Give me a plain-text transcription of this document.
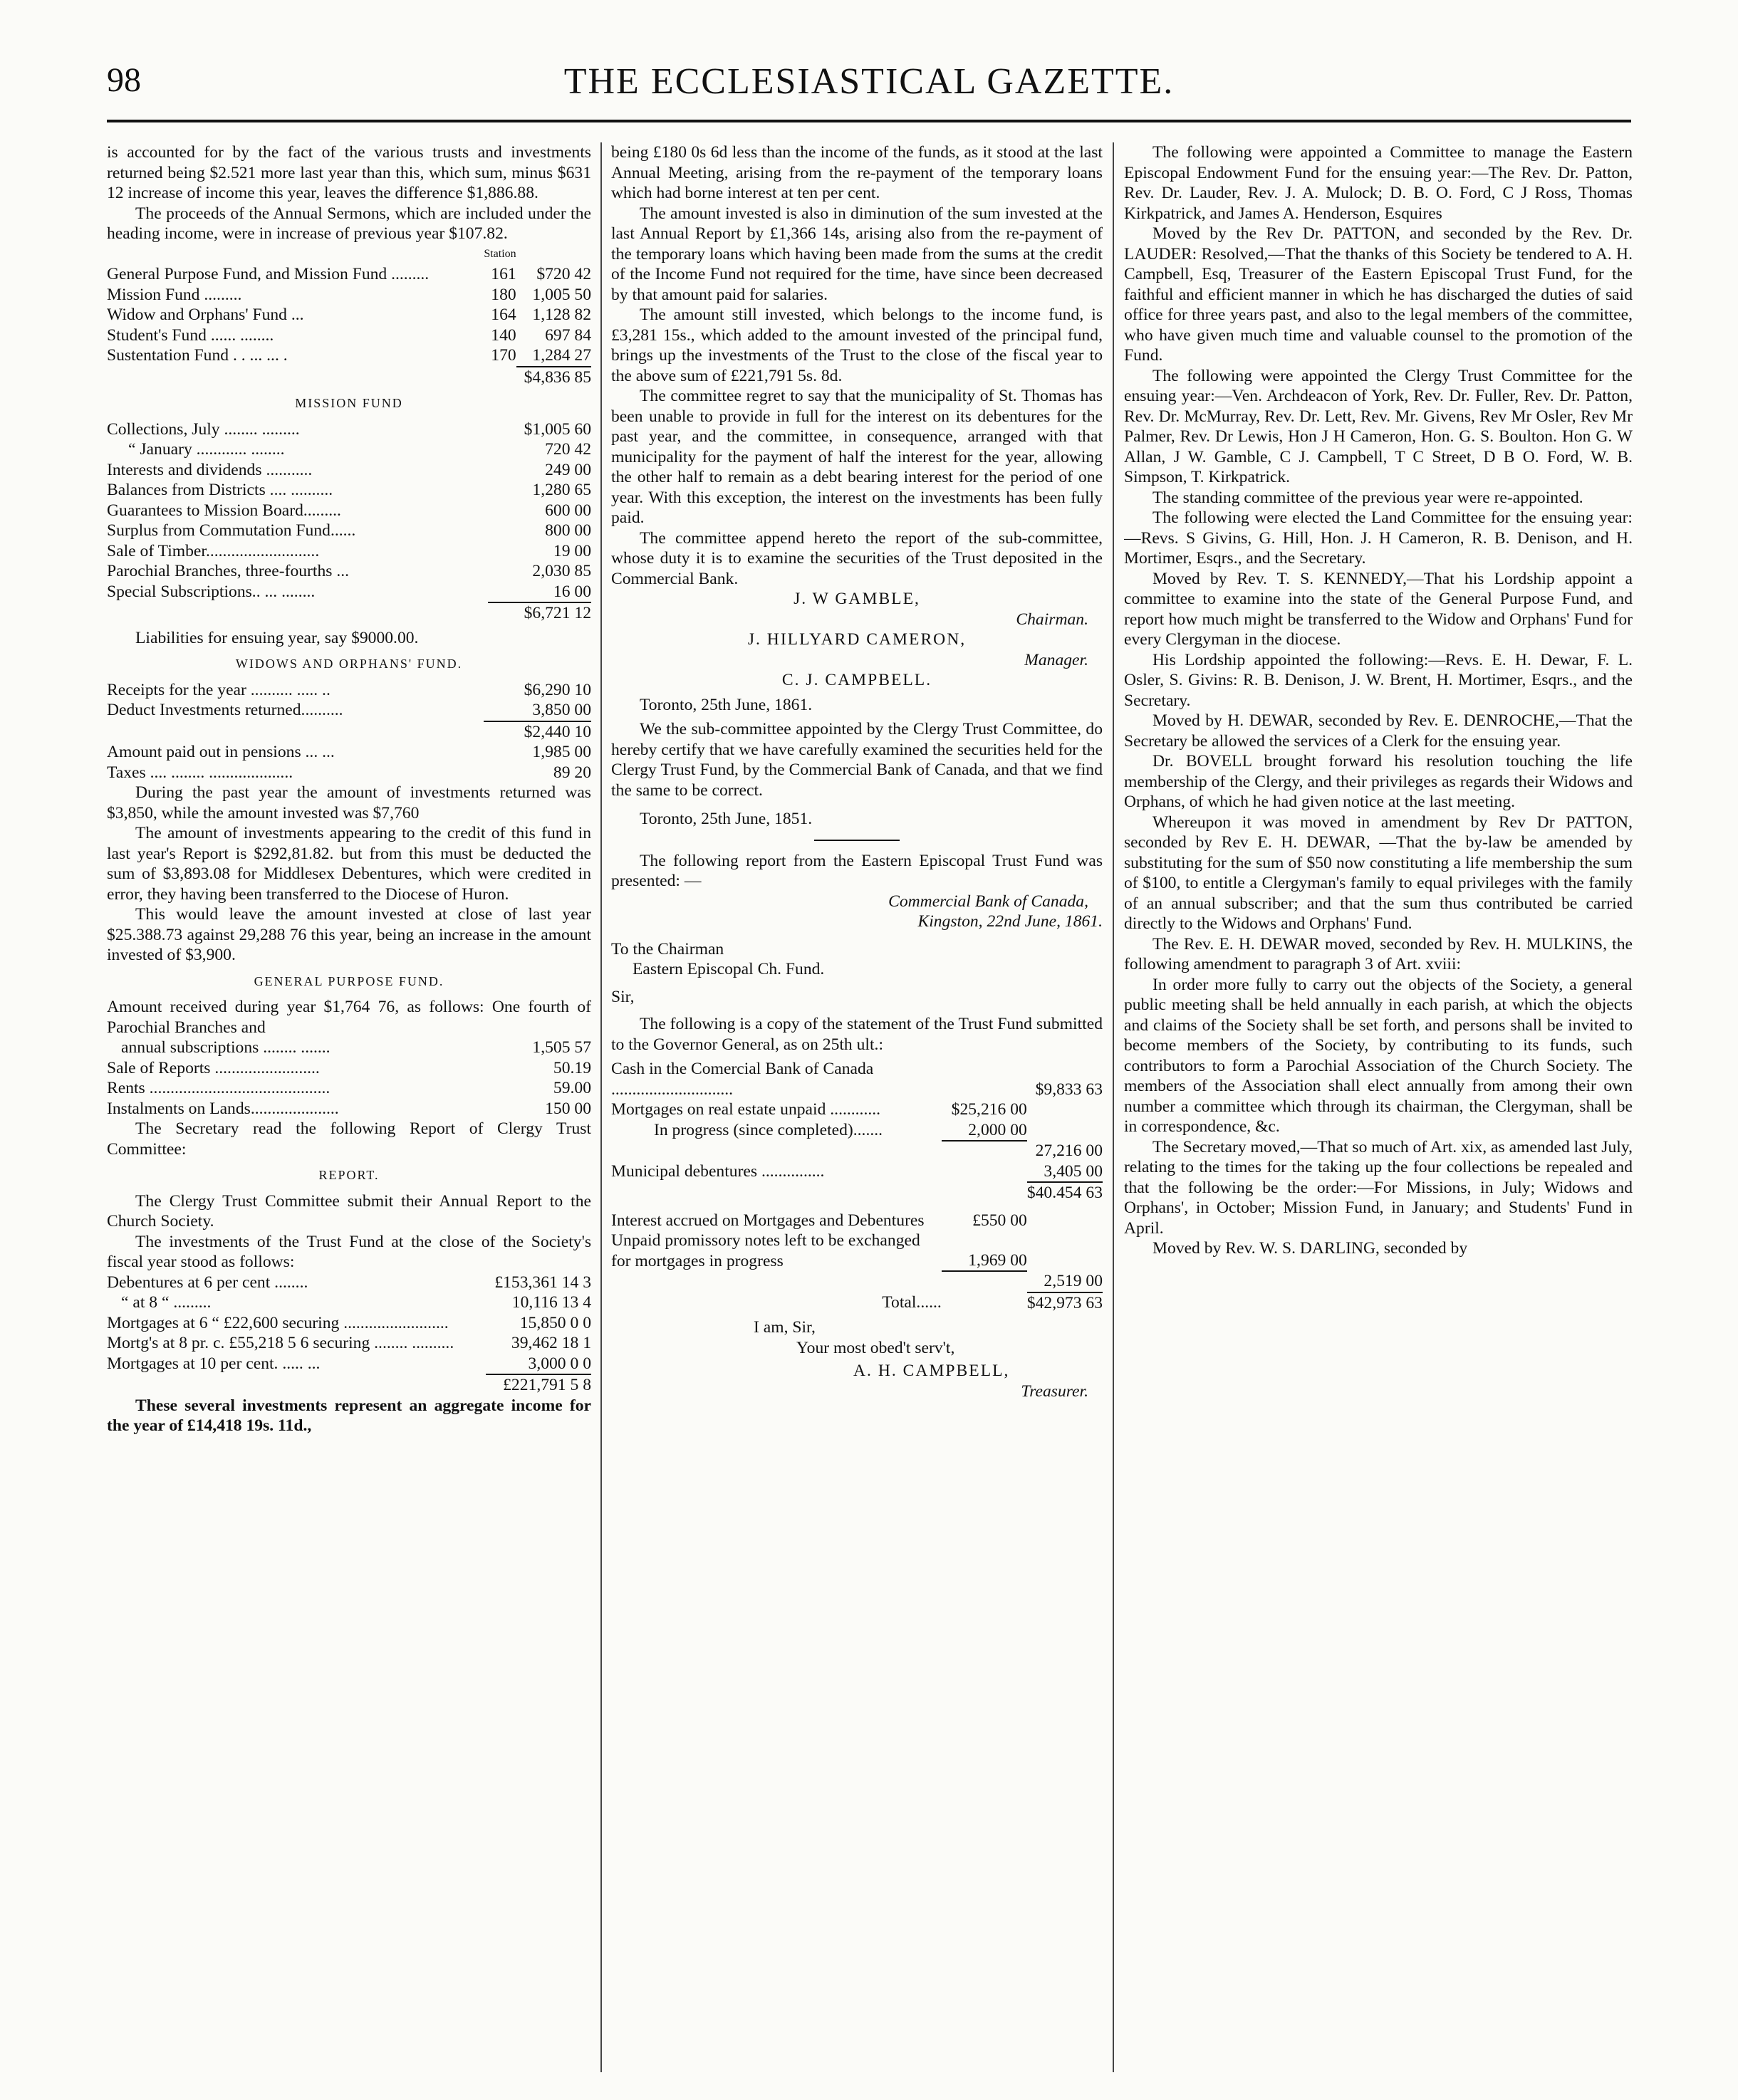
98	THE ECCLESIASTICAL GAZETTE.

is accounted for by the fact of the various trusts and investments returned being $2.521 more last year than this, which sum, minus $631 12 increase of income this year, leaves the difference $1,886.88.

The proceeds of the Annual Sermons, which are included under the heading income, were in increase of previous year $107.82.

	Station	
General Purpose Fund, and Mission Fund .........	161	$720 42
Mission Fund .........	180	1,005 50
Widow and Orphans' Fund ...	164	1,128 82
Student's Fund ...... ........	140	697 84
Sustentation Fund . . ... ... .	170	1,284 27
		$4,836 85
MISSION FUND
Collections, July ........ .........	$1,005 60
“ January ............ ........	720 42
Interests and dividends ...........	249 00
Balances from Districts .... ..........	1,280 65
Guarantees to Mission Board.........	600 00
Surplus from Commutation Fund......	800 00
Sale of Timber...........................	19 00
Parochial Branches, three-fourths ...	2,030 85
Special Subscriptions.. ... ........	16 00
	$6,721 12

Liabilities for ensuing year, say $9000.00.

WIDOWS AND ORPHANS' FUND.
Receipts for the year .......... ..... ..	$6,290 10
Deduct Investments returned..........	3,850 00
	$2,440 10
Amount paid out in pensions ... ...	1,985 00
Taxes .... ........ ....................	89 20

During the past year the amount of investments returned was $3,850, while the amount invested was $7,760

The amount of investments appearing to the credit of this fund in last year's Report is $292,81.82. but from this must be deducted the sum of $3,893.08 for Middlesex Debentures, which were credited in error, they having been transferred to the Diocese of Huron.

This would leave the amount invested at close of last year $25.388.73 against 29,288 76 this year, being an increase in the amount invested of $3,900.

GENERAL PURPOSE FUND.

Amount received during year $1,764 76, as follows: One fourth of Parochial Branches and

annual subscriptions ........ .......	1,505 57
Sale of Reports .........................	50.19
Rents ...........................................	59.00
Instalments on Lands.....................	150 00

The Secretary read the following Report of Clergy Trust Committee:

REPORT.

The Clergy Trust Committee submit their Annual Report to the Church Society.

The investments of the Trust Fund at the close of the Society's fiscal year stood as follows:

Debentures at 6 per cent ........	£153,361 14 3
“ at 8 “ .........	10,116 13 4
Mortgages at 6 “ £22,600 securing .........................	15,850 0 0
Mortg's at 8 pr. c. £55,218 5 6 securing ........ ..........	39,462 18 1
Mortgages at 10 per cent. ..... ...	3,000 0 0
	£221,791 5 8

These several investments represent an aggregate income for the year of £14,418 19s. 11d.,

being £180 0s 6d less than the income of the funds, as it stood at the last Annual Meeting, arising from the re-payment of the temporary loans which had borne interest at ten per cent.

The amount invested is also in diminution of the sum invested at the last Annual Report by £1,366 14s, arising also from the re-payment of the temporary loans which having been made from the sums at the credit of the Income Fund not required for the time, have since been decreased by that amount paid for salaries.

The amount still invested, which belongs to the income fund, is £3,281 15s., which added to the amount invested of the principal fund, brings up the investments of the Trust to the close of the fiscal year to the above sum of £221,791 5s. 8d.

The committee regret to say that the municipality of St. Thomas has been unable to provide in full for the interest on its debentures for the past year, and the committee, in consequence, arranged with that municipality for the payment of half the interest for the year, allowing the other half to remain as a debt bearing interest for the period of one year. With this exception, the interest on the investments has been fully paid.

The committee append hereto the report of the sub-committee, whose duty it is to examine the securities of the Trust deposited in the Commercial Bank.

J. W GAMBLE,
Chairman.
J. HILLYARD CAMERON,
Manager.
C. J. CAMPBELL.

Toronto, 25th June, 1861.

We the sub-committee appointed by the Clergy Trust Committee, do hereby certify that we have carefully examined the securities held for the Clergy Trust Fund, by the Commercial Bank of Canada, and that we find the same to be correct.

Toronto, 25th June, 1851.

The following report from the Eastern Episcopal Trust Fund was presented: —

Commercial Bank of Canada,
Kingston, 22nd June, 1861.
To the Chairman
Eastern Episcopal Ch. Fund.
Sir,

The following is a copy of the statement of the Trust Fund submitted to the Governor General, as on 25th ult.:

Cash in the Comercial Bank of Canada .............................		$9,833 63
Mortgages on real estate unpaid ............	$25,216 00	
In progress (since completed).......	2,000 00	
		27,216 00
Municipal debentures ...............		3,405 00
		$40.454 63

Interest accrued on Mortgages and Debentures	£550 00	
Unpaid promissory notes left to be exchanged for mortgages in progress	1,969 00	
		2,519 00
Total......		$42,973 63
I am, Sir,
Your most obed't serv't,
A. H. CAMPBELL,
Treasurer.

The following were appointed a Committee to manage the Eastern Episcopal Endowment Fund for the ensuing year:—The Rev. Dr. Patton, Rev. Dr. Lauder, Rev. J. A. Mulock; D. B. O. Ford, C J Ross, Thomas Kirkpatrick, and James A. Henderson, Esquires

Moved by the Rev Dr. PATTON, and seconded by the Rev. Dr. LAUDER: Resolved,—That the thanks of this Society be tendered to A. H. Campbell, Esq, Treasurer of the Eastern Episcopal Trust Fund, for the faithful and efficient manner in which he has discharged the duties of said office for three years past, and also to the legal members of the committee, who have given much time and valuable counsel to the promotion of the Fund.

The following were appointed the Clergy Trust Committee for the ensuing year:—Ven. Archdeacon of York, Rev. Dr. Fuller, Rev. Dr. Patton, Rev. Dr. McMurray, Rev. Dr. Lett, Rev. Mr. Givens, Rev Mr Osler, Rev Mr Palmer, Rev. Dr Lewis, Hon J H Cameron, Hon. G. S. Boulton. Hon G. W Allan, J W. Gamble, C J. Campbell, T C Street, D B O. Ford, W. B. Simpson, T. Kirkpatrick.

The standing committee of the previous year were re-appointed.

The following were elected the Land Committee for the ensuing year:—Revs. S Givins, G. Hill, Hon. J. H Cameron, R. B. Denison, and H. Mortimer, Esqrs., and the Secretary.

Moved by Rev. T. S. KENNEDY,—That his Lordship appoint a committee to examine into the state of the General Purpose Fund, and report how much might be transferred to the Widow and Orphans' Fund for every Clergyman in the diocese.

His Lordship appointed the following:—Revs. E. H. Dewar, F. L. Osler, S. Givins: R. B. Denison, J. W. Brent, H. Mortimer, Esqrs., and the Secretary.

Moved by H. DEWAR, seconded by Rev. E. DENROCHE,—That the Secretary be allowed the services of a Clerk for the ensuing year.

Dr. BOVELL brought forward his resolution touching the life membership of the Clergy, and their privileges as regards their Widows and Orphans, of which he had given notice at the last meeting.

Whereupon it was moved in amendment by Rev Dr PATTON, seconded by Rev E. H. DEWAR, —That the by-law be amended by substituting for the sum of $50 now constituting a life membership the sum of $100, to entitle a Clergyman's family to equal privileges with the family of an annual subscriber; and that the sum thus contributed be carried directly to the Widows and Orphans' Fund.

The Rev. E. H. DEWAR moved, seconded by Rev. H. MULKINS, the following amendment to paragraph 3 of Art. xviii:

In order more fully to carry out the objects of the Society, a general public meeting shall be held annually in each parish, at which the objects and claims of the Society shall be set forth, and persons shall be invited to become members of the Society, by contributing to its funds, such contributors to form a Parochial Association of the Church Society. The members of the Association shall elect annually from among their own number a committee which through its chairman, the Clergyman, shall be in correspondence, &c.

The Secretary moved,—That so much of Art. xix, as amended last July, relating to the times for the taking up the four collections be repealed and that the following be the order:—For Missions, in July; Widows and Orphans', in October; Mission Fund, in January; and Students' Fund in April.

Moved by Rev. W. S. DARLING, seconded by
